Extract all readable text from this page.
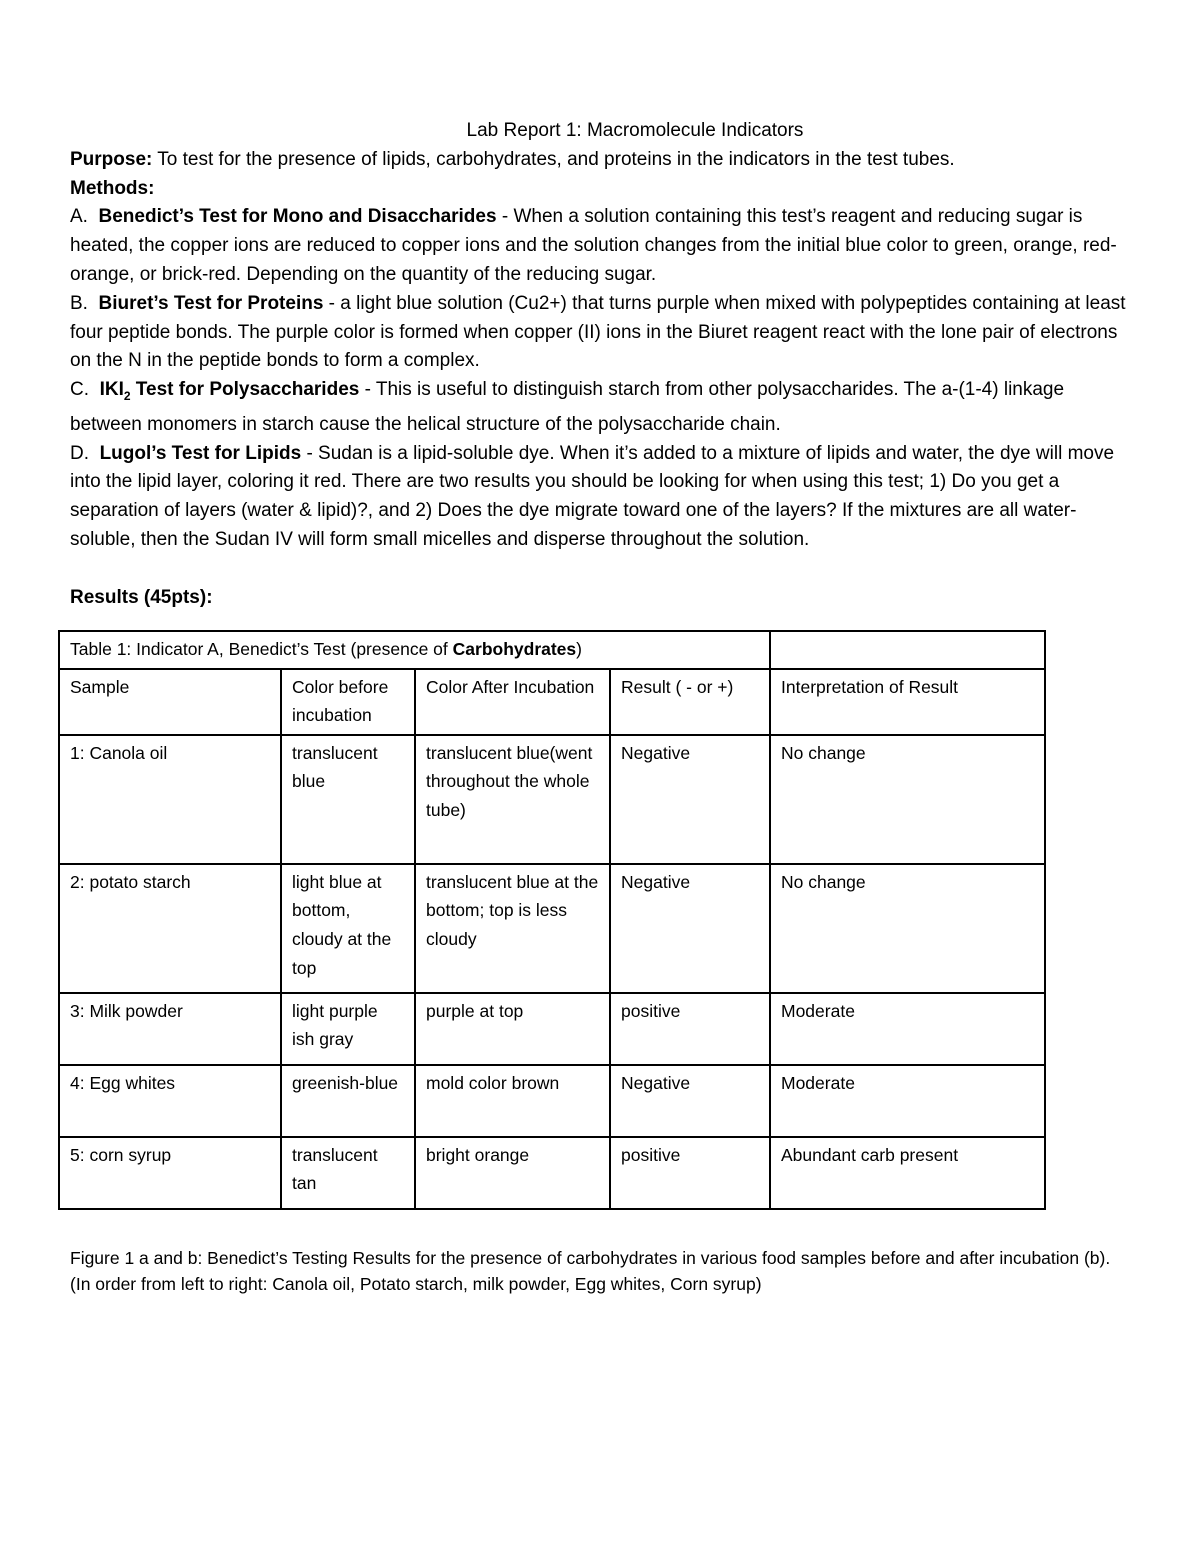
Lab Report 1: Macromolecule Indicators

Purpose: To test for the presence of lipids, carbohydrates, and proteins in the indicators in the test tubes.

Methods:

A. Benedict’s Test for Mono and Disaccharides - When a solution containing this test’s reagent and reducing sugar is heated, the copper ions are reduced to copper ions and the solution changes from the initial blue color to green, orange, red-orange, or brick-red. Depending on the quantity of the reducing sugar.

B. Biuret’s Test for Proteins - a light blue solution (Cu2+) that turns purple when mixed with polypeptides containing at least four peptide bonds. The purple color is formed when copper (II) ions in the Biuret reagent react with the lone pair of electrons on the N in the peptide bonds to form a complex.

C. $IKI_2$ Test for Polysaccharides - This is useful to distinguish starch from other polysaccharides. The a-(1-4) linkage between monomers in starch cause the helical structure of the polysaccharide chain.

D. Lugol’s Test for Lipids - Sudan is a lipid-soluble dye. When it’s added to a mixture of lipids and water, the dye will move into the lipid layer, coloring it red. There are two results you should be looking for when using this test; 1) Do you get a separation of layers (water & lipid)?, and 2) Does the dye migrate toward one of the layers? If the mixtures are all water-soluble, then the Sudan IV will form small micelles and disperse throughout the solution.

Results (45pts):

Table 1: Indicator A, Benedict’s Test (presence of Carbohydrates)				
Sample	Color before incubation	Color After Incubation	Result ( - or +)	Interpretation of Result
1: Canola oil	translucent blue	translucent blue(went throughout the whole tube)	Negative	No change
2: potato starch	light blue at bottom, cloudy at the top	translucent blue at the bottom; top is less cloudy	Negative	No change
3: Milk powder	light purple ish gray	purple at top	positive	Moderate
4: Egg whites	greenish-blue	mold color brown	Negative	Moderate
5: corn syrup	translucent tan	bright orange	positive	Abundant carb present

Figure 1 a and b: Benedict’s Testing Results for the presence of carbohydrates in various food samples before and after incubation (b).

(In order from left to right: Canola oil, Potato starch, milk powder, Egg whites, Corn syrup)
